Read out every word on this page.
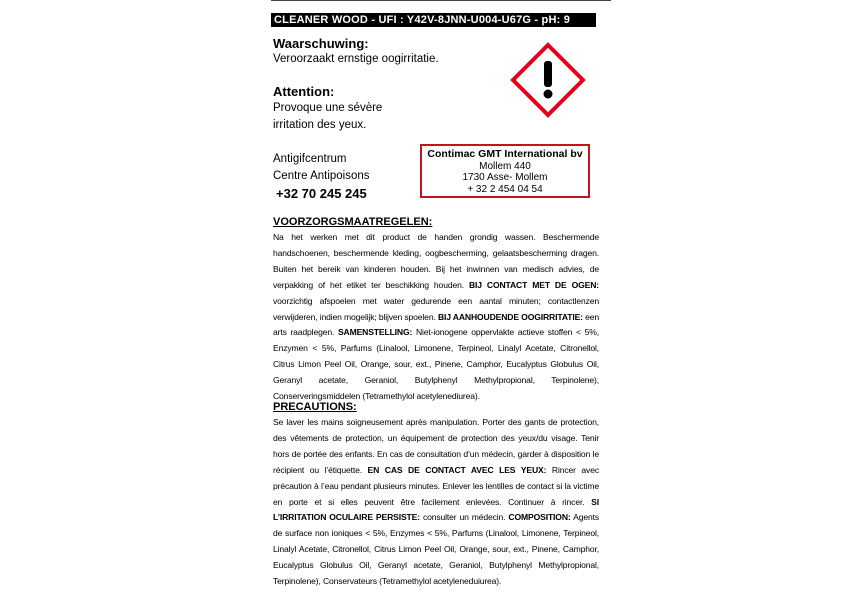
CLEANER WOOD - UFI : Y42V-8JNN-U004-U67G - pH: 9
Waarschuwing:
Veroorzaakt ernstige oogirritatie.
Attention:
Provoque une sévère irritation des yeux.
Antigifcentrum
Centre Antipoisons
+32 70 245 245
Contimac GMT International bv
Mollem 440
1730 Asse- Mollem
+ 32 2 454 04 54
VOORZORGSMAATREGELEN:
Na het werken met dit product de handen grondig wassen. Beschermende handschoenen, beschermende kleding, oogbescherming, gelaatsbescherming dragen. Buiten het bereik van kinderen houden. Bij het inwinnen van medisch advies, de verpakking of het etiket ter beschikking houden. BIJ CONTACT MET DE OGEN: voorzichtig afspoelen met water gedurende een aantal minuten; contactlenzen verwijderen, indien mogelijk; blijven spoelen. BIJ AANHOUDENDE OOGIRRITATIE: een arts raadplegen. SAMENSTELLING: Niet-ionogene oppervlakte actieve stoffen < 5%, Enzymen < 5%, Parfums (Linalool, Limonene, Terpineol, Linalyl Acetate, Citronellol, Citrus Limon Peel Oil, Orange, sour, ext., Pinene, Camphor, Eucalyptus Globulus Oil, Geranyl acetate, Geraniol, Butylphenyl Methylpropional, Terpinolene), Conserveringsmiddelen (Tetramethylol acetylenediurea).
PRECAUTIONS:
Se laver les mains soigneusement après manipulation. Porter des gants de protection, des vêtements de protection, un équipement de protection des yeux/du visage. Tenir hors de portée des enfants. En cas de consultation d’un médecin, garder à disposition le récipient ou l’étiquette. EN CAS DE CONTACT AVEC LES YEUX: Rincer avec précaution à l’eau pendant plusieurs minutes. Enlever les lentilles de contact si la victime en porte et si elles peuvent être facilement enlevées. Continuer à rincer. SI L’IRRITATION OCULAIRE PERSISTE: consulter un médecin. COMPOSITION: Agents de surface non ioniques < 5%, Enzymes < 5%, Parfums (Linalool, Limonene, Terpineol, Linalyl Acetate, Citronellol, Citrus Limon Peel Oil, Orange, sour, ext., Pinene, Camphor, Eucalyptus Globulus Oil, Geranyl acetate, Geraniol, Butylphenyl Methylpropional, Terpinolene), Conservateurs (Tetramethylol acetyleneduiurea).
